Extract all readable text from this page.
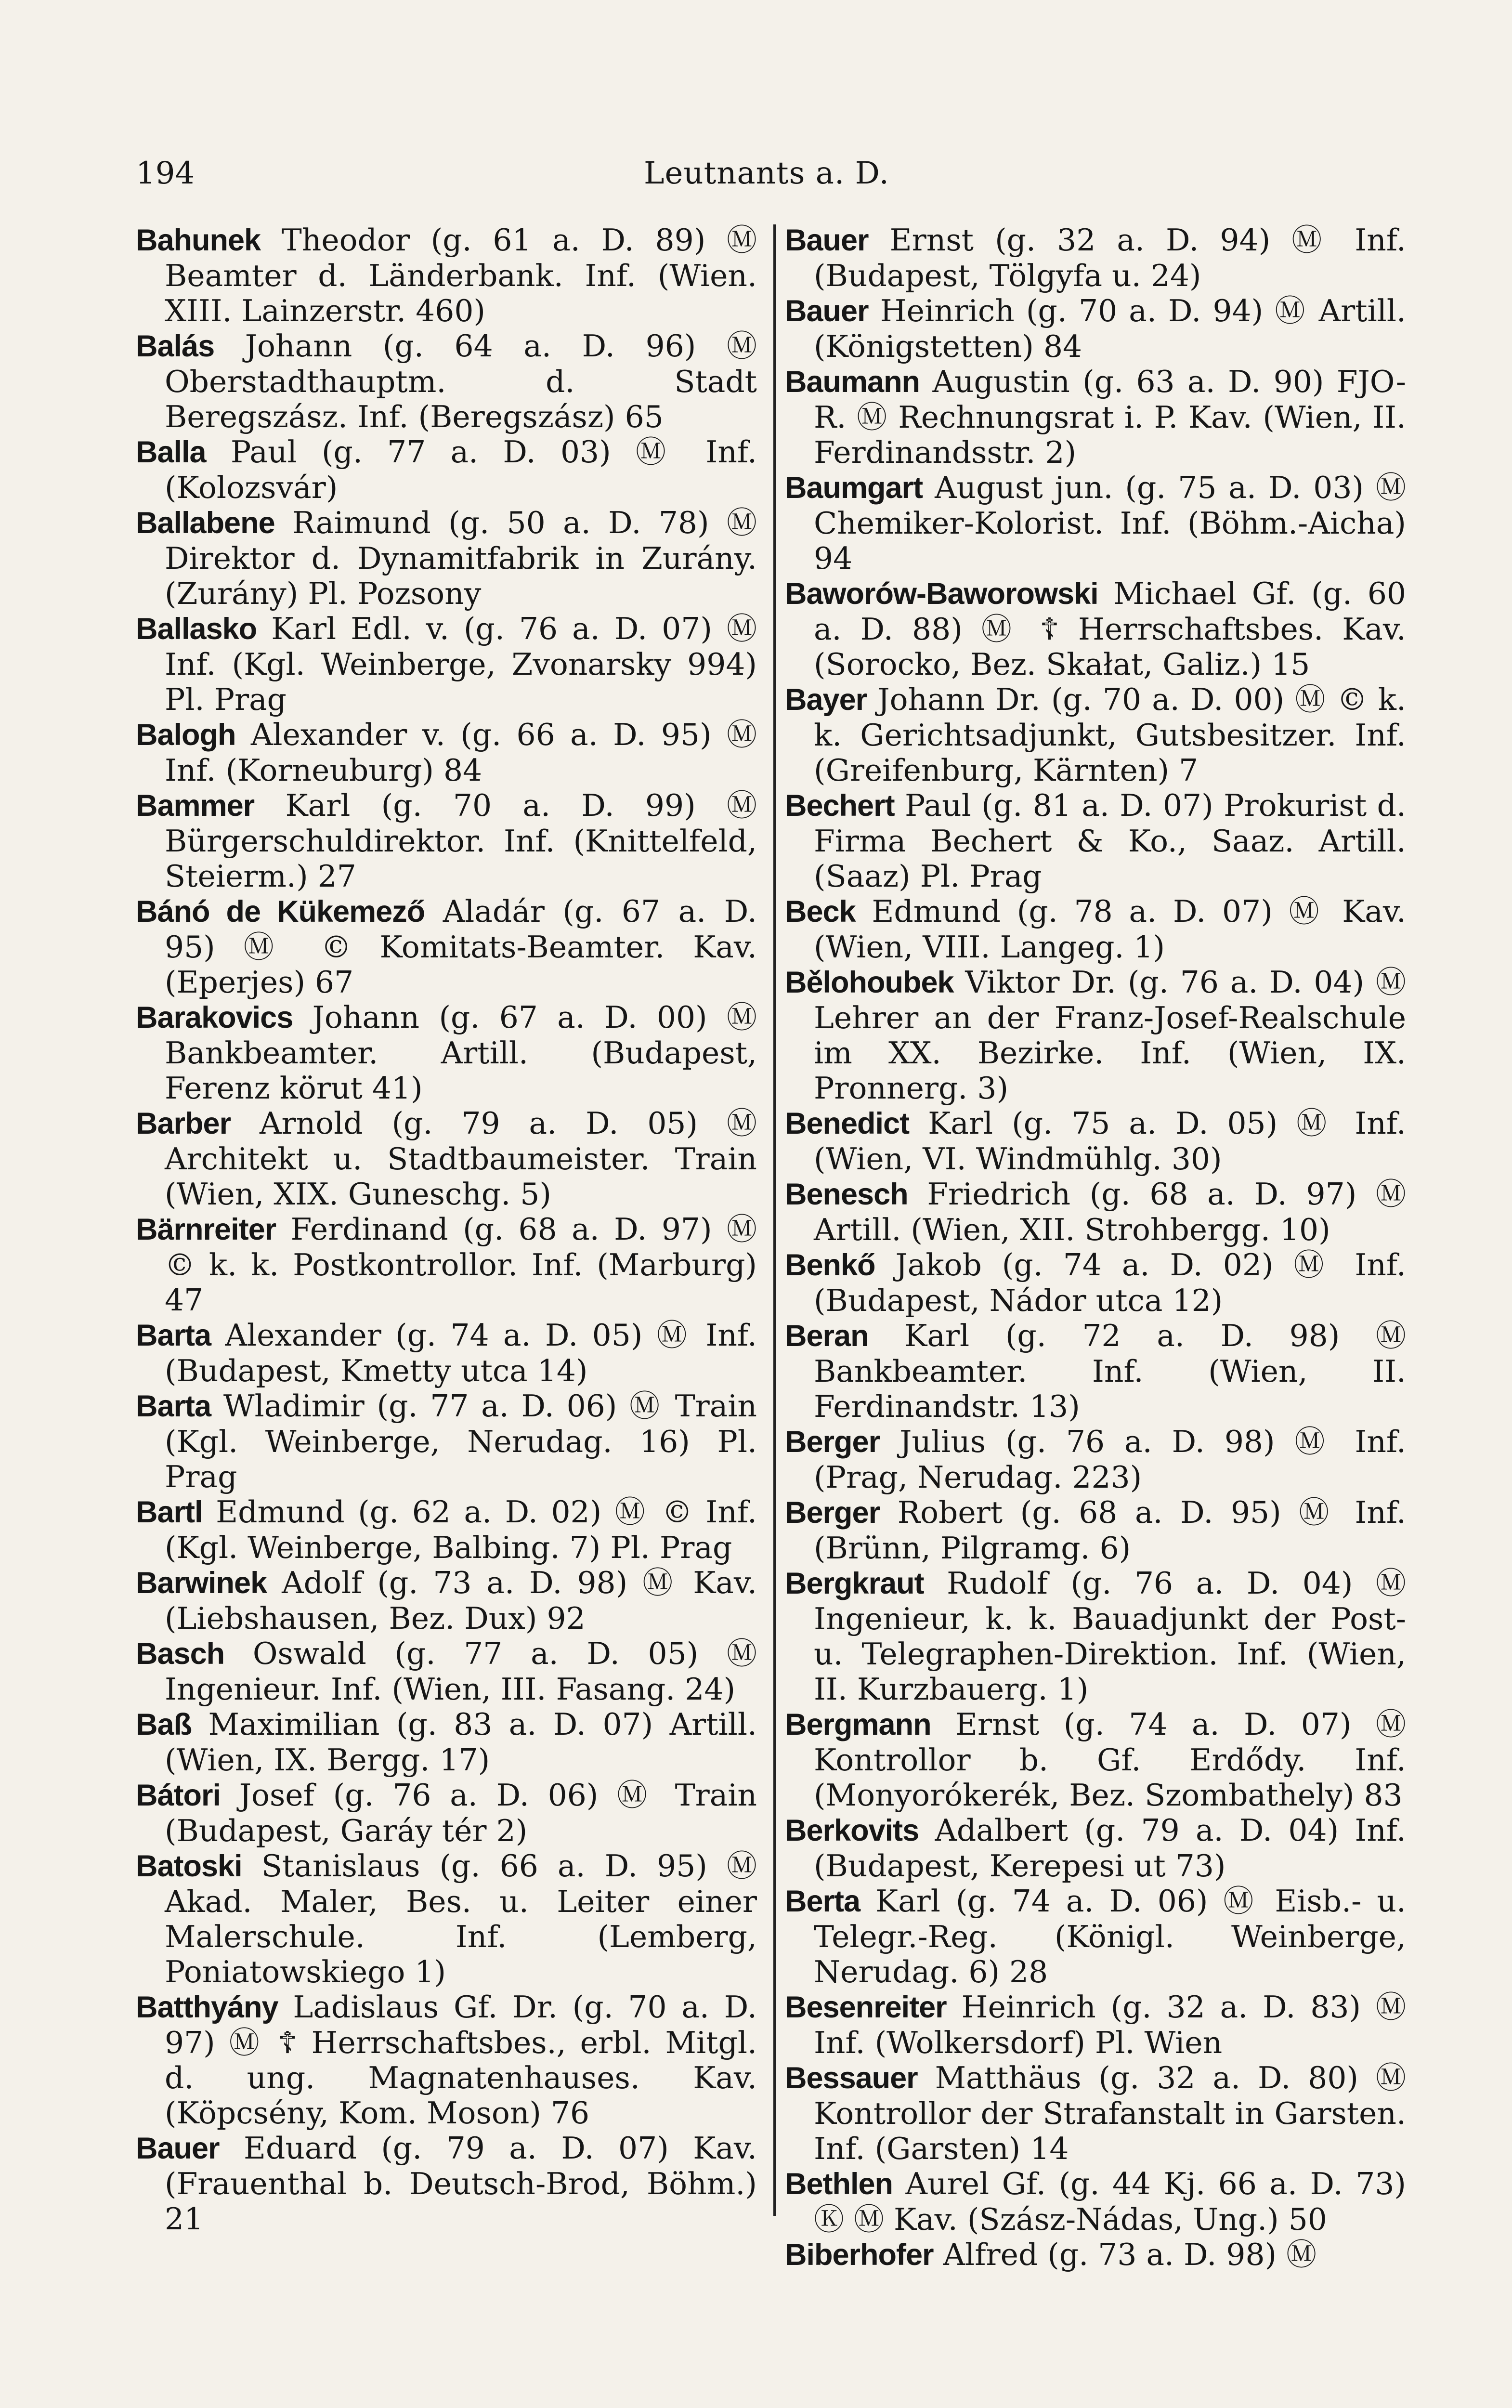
194	Leutnants a. D.

Bahunek Theodor (g. 61 a. D. 89) Ⓜ Beamter d. Länderbank. Inf. (Wien. XIII. Lainzerstr. 460)

Balás Johann (g. 64 a. D. 96) Ⓜ Oberstadthauptm. d. Stadt Beregszász. Inf. (Beregszász) 65

Balla Paul (g. 77 a. D. 03) Ⓜ Inf. (Kolozsvár)

Ballabene Raimund (g. 50 a. D. 78) Ⓜ Direktor d. Dynamitfabrik in Zurány. (Zurány) Pl. Pozsony

Ballasko Karl Edl. v. (g. 76 a. D. 07) Ⓜ Inf. (Kgl. Weinberge, Zvonarsky 994) Pl. Prag

Balogh Alexander v. (g. 66 a. D. 95) Ⓜ Inf. (Korneuburg) 84

Bammer Karl (g. 70 a. D. 99) Ⓜ Bürgerschuldirektor. Inf. (Knittelfeld, Steierm.) 27

Bánó de Kükemező Aladár (g. 67 a. D. 95) Ⓜ © Komitats-Beamter. Kav. (Eperjes) 67

Barakovics Johann (g. 67 a. D. 00) Ⓜ Bankbeamter. Artill. (Budapest, Ferenz körut 41)

Barber Arnold (g. 79 a. D. 05) Ⓜ Architekt u. Stadtbaumeister. Train (Wien, XIX. Guneschg. 5)

Bärnreiter Ferdinand (g. 68 a. D. 97) Ⓜ © k. k. Postkontrollor. Inf. (Marburg) 47

Barta Alexander (g. 74 a. D. 05) Ⓜ Inf. (Budapest, Kmetty utca 14)

Barta Wladimir (g. 77 a. D. 06) Ⓜ Train (Kgl. Weinberge, Nerudag. 16) Pl. Prag

Bartl Edmund (g. 62 a. D. 02) Ⓜ © Inf. (Kgl. Weinberge, Balbing. 7) Pl. Prag

Barwinek Adolf (g. 73 a. D. 98) Ⓜ Kav. (Liebshausen, Bez. Dux) 92

Basch Oswald (g. 77 a. D. 05) Ⓜ Ingenieur. Inf. (Wien, III. Fasang. 24)

Baß Maximilian (g. 83 a. D. 07) Artill. (Wien, IX. Bergg. 17)

Bátori Josef (g. 76 a. D. 06) Ⓜ Train (Budapest, Garáy tér 2)

Batoski Stanislaus (g. 66 a. D. 95) Ⓜ Akad. Maler, Bes. u. Leiter einer Malerschule. Inf. (Lemberg, Poniatowskiego 1)

Batthyány Ladislaus Gf. Dr. (g. 70 a. D. 97) Ⓜ ☦ Herrschaftsbes., erbl. Mitgl. d. ung. Magnatenhauses. Kav. (Köpcsény, Kom. Moson) 76

Bauer Eduard (g. 79 a. D. 07) Kav. (Frauenthal b. Deutsch-Brod, Böhm.) 21

Bauer Ernst (g. 32 a. D. 94) Ⓜ Inf. (Budapest, Tölgyfa u. 24)

Bauer Heinrich (g. 70 a. D. 94) Ⓜ Artill. (Königstetten) 84

Baumann Augustin (g. 63 a. D. 90) FJO-R. Ⓜ Rechnungsrat i. P. Kav. (Wien, II. Ferdinandsstr. 2)

Baumgart August jun. (g. 75 a. D. 03) Ⓜ Chemiker-Kolorist. Inf. (Böhm.-Aicha) 94

Baworów-Baworowski Michael Gf. (g. 60 a. D. 88) Ⓜ ☦ Herrschaftsbes. Kav. (Sorocko, Bez. Skałat, Galiz.) 15

Bayer Johann Dr. (g. 70 a. D. 00) Ⓜ © k. k. Gerichtsadjunkt, Gutsbesitzer. Inf. (Greifenburg, Kärnten) 7

Bechert Paul (g. 81 a. D. 07) Prokurist d. Firma Bechert & Ko., Saaz. Artill. (Saaz) Pl. Prag

Beck Edmund (g. 78 a. D. 07) Ⓜ Kav. (Wien, VIII. Langeg. 1)

Bělohoubek Viktor Dr. (g. 76 a. D. 04) Ⓜ Lehrer an der Franz-Josef-Realschule im XX. Bezirke. Inf. (Wien, IX. Pronnerg. 3)

Benedict Karl (g. 75 a. D. 05) Ⓜ Inf. (Wien, VI. Windmühlg. 30)

Benesch Friedrich (g. 68 a. D. 97) Ⓜ Artill. (Wien, XII. Strohbergg. 10)

Benkő Jakob (g. 74 a. D. 02) Ⓜ Inf. (Budapest, Nádor utca 12)

Beran Karl (g. 72 a. D. 98) Ⓜ Bankbeamter. Inf. (Wien, II. Ferdinandstr. 13)

Berger Julius (g. 76 a. D. 98) Ⓜ Inf. (Prag, Nerudag. 223)

Berger Robert (g. 68 a. D. 95) Ⓜ Inf. (Brünn, Pilgramg. 6)

Bergkraut Rudolf (g. 76 a. D. 04) Ⓜ Ingenieur, k. k. Bauadjunkt der Post- u. Telegraphen-Direktion. Inf. (Wien, II. Kurzbauerg. 1)

Bergmann Ernst (g. 74 a. D. 07) Ⓜ Kontrollor b. Gf. Erdődy. Inf. (Monyorókerék, Bez. Szombathely) 83

Berkovits Adalbert (g. 79 a. D. 04) Inf. (Budapest, Kerepesi ut 73)

Berta Karl (g. 74 a. D. 06) Ⓜ Eisb.- u. Telegr.-Reg. (Königl. Weinberge, Nerudag. 6) 28

Besenreiter Heinrich (g. 32 a. D. 83) Ⓜ Inf. (Wolkersdorf) Pl. Wien

Bessauer Matthäus (g. 32 a. D. 80) Ⓜ Kontrollor der Strafanstalt in Garsten. Inf. (Garsten) 14

Bethlen Aurel Gf. (g. 44 Kj. 66 a. D. 73) Ⓚ Ⓜ Kav. (Szász-Nádas, Ung.) 50

Biberhofer Alfred (g. 73 a. D. 98) Ⓜ
